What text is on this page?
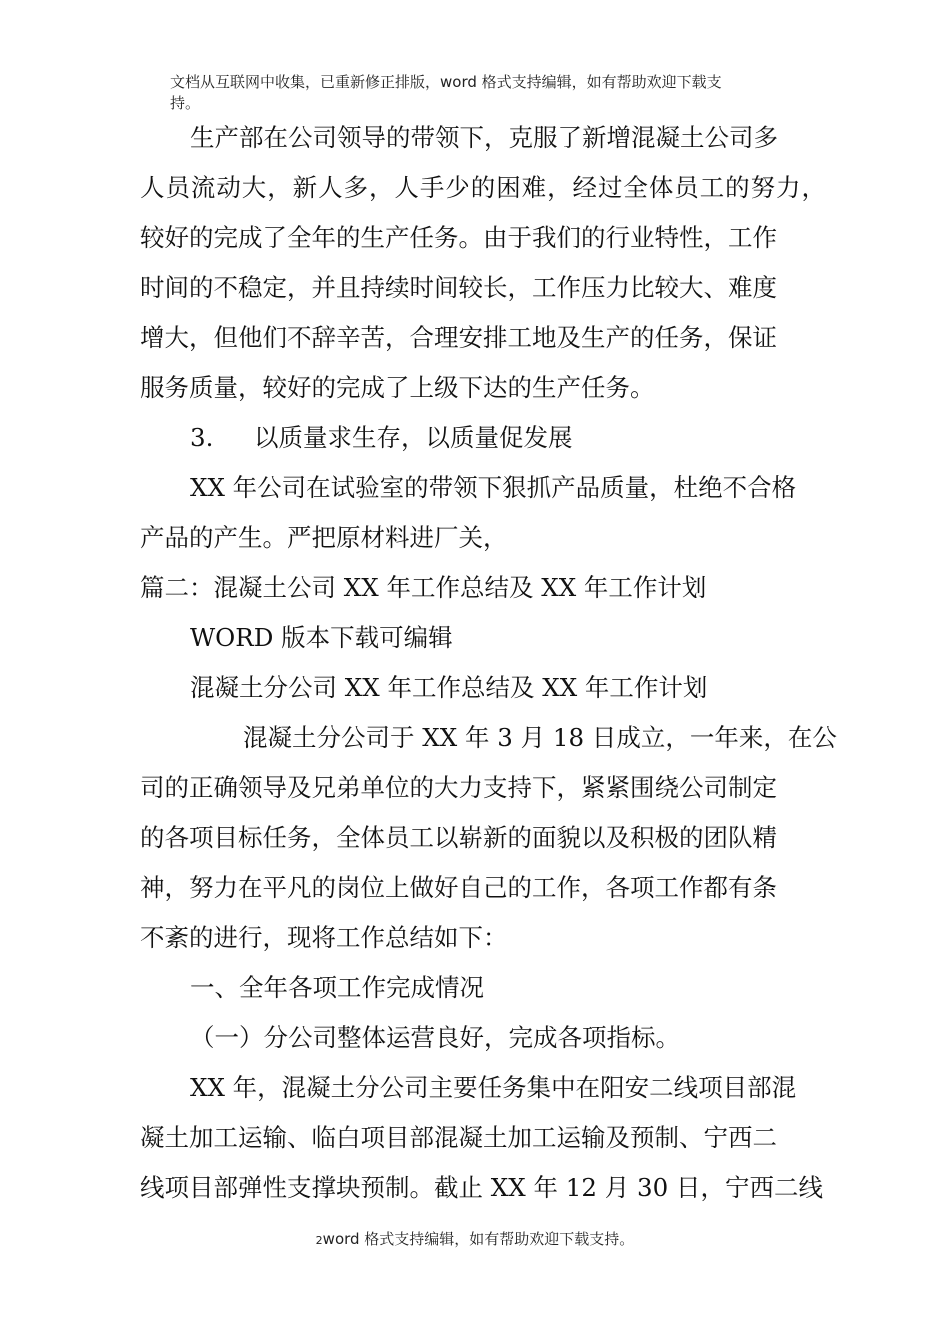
文档从互联网中收集，已重新修正排版，word 格式支持编辑，如有帮助欢迎下载支
持。
生产部在公司领导的带领下，克服了新增混凝土公司多
人员流动大，新人多，人手少的困难，经过全体员工的努力，
较好的完成了全年的生产任务。由于我们的行业特性，工作
时间的不稳定，并且持续时间较长，工作压力比较大、难度
增大，但他们不辞辛苦，合理安排工地及生产的任务，保证
服务质量，较好的完成了上级下达的生产任务。
3. 以质量求生存，以质量促发展
XX 年公司在试验室的带领下狠抓产品质量，杜绝不合格
产品的产生。严把原材料进厂关，
篇二：混凝土公司 XX 年工作总结及 XX 年工作计划
WORD 版本下载可编辑
混凝土分公司 XX 年工作总结及 XX 年工作计划
混凝土分公司于 XX 年 3 月 18 日成立，一年来，在公
司的正确领导及兄弟单位的大力支持下，紧紧围绕公司制定
的各项目标任务，全体员工以崭新的面貌以及积极的团队精
神，努力在平凡的岗位上做好自己的工作，各项工作都有条
不紊的进行，现将工作总结如下：
一、全年各项工作完成情况
（一）分公司整体运营良好，完成各项指标。
XX 年，混凝土分公司主要任务集中在阳安二线项目部混
凝土加工运输、临白项目部混凝土加工运输及预制、宁西二
线项目部弹性支撑块预制。截止 XX 年 12 月 30 日，宁西二线
2word 格式支持编辑，如有帮助欢迎下载支持。
